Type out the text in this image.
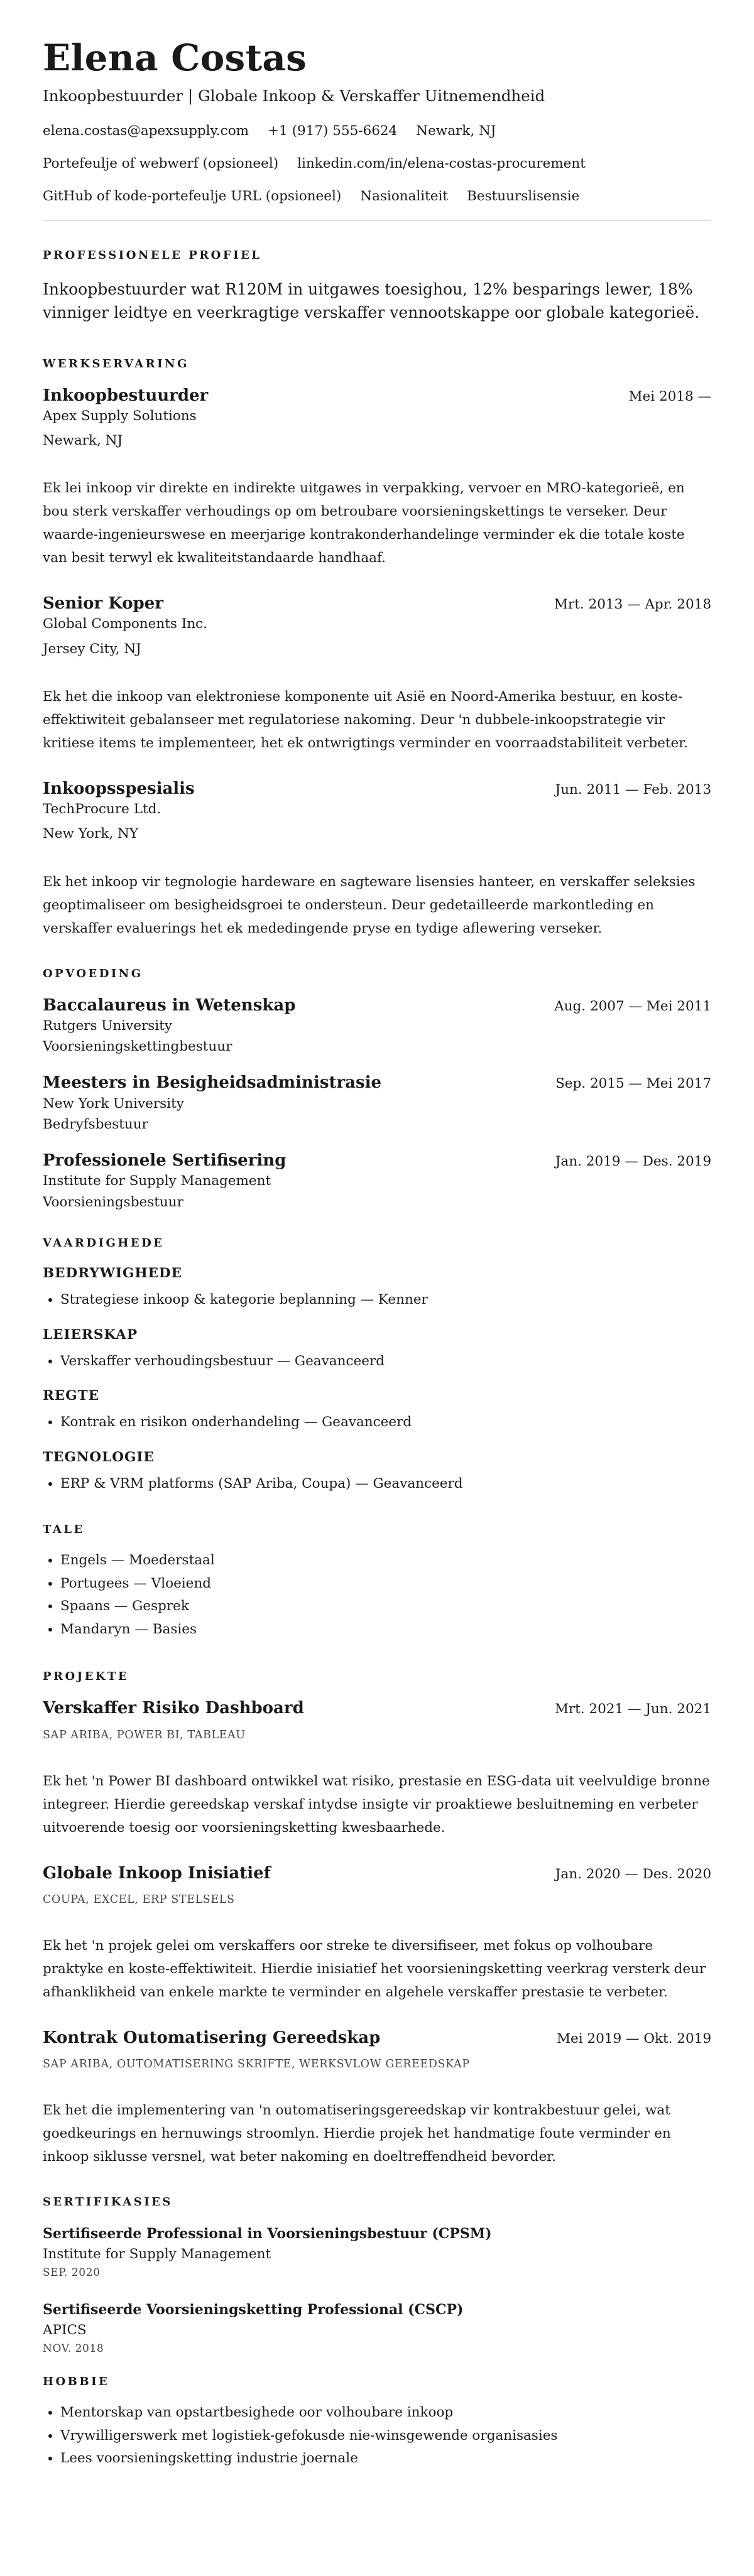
Elena Costas
Inkoopbestuurder | Globale Inkoop & Verskaffer Uitnemendheid
elena.costas@apexsupply.com +1 (917) 555-6624 Newark, NJ
Portefeulje of webwerf (opsioneel) linkedin.com/in/elena-costas-procurement
GitHub of kode-portefeulje URL (opsioneel) Nasionaliteit Bestuurslisensie
PROFESSIONELE PROFIEL

Inkoopbestuurder wat R120M in uitgawes toesighou, 12% besparings lewer, 18% vinniger leidtye en veerkragtige verskaffer vennootskappe oor globale kategorieë.

WERKSERVARING
Inkoopbestuurder	Mei 2018 —
Apex Supply Solutions
Newark, NJ

Ek lei inkoop vir direkte en indirekte uitgawes in verpakking, vervoer en MRO-kategorieë, en bou sterk verskaffer verhoudings op om betroubare voorsieningskettings te verseker. Deur waarde-ingenieurswese en meerjarige kontrakonderhandelinge verminder ek die totale koste van besit terwyl ek kwaliteitstandaarde handhaaf.

Senior Koper	Mrt. 2013 — Apr. 2018
Global Components Inc.
Jersey City, NJ

Ek het die inkoop van elektroniese komponente uit Asië en Noord-Amerika bestuur, en koste-effektiwiteit gebalanseer met regulatoriese nakoming. Deur 'n dubbele-inkoopstrategie vir kritiese items te implementeer, het ek ontwrigtings verminder en voorraadstabiliteit verbeter.

Inkoopsspesialis	Jun. 2011 — Feb. 2013
TechProcure Ltd.
New York, NY

Ek het inkoop vir tegnologie hardeware en sagteware lisensies hanteer, en verskaffer seleksies geoptimaliseer om besigheidsgroei te ondersteun. Deur gedetailleerde markontleding en verskaffer evaluerings het ek mededingende pryse en tydige aflewering verseker.

OPVOEDING
Baccalaureus in Wetenskap	Aug. 2007 — Mei 2011
Rutgers University
Voorsieningskettingbestuur
Meesters in Besigheidsadministrasie	Sep. 2015 — Mei 2017
New York University
Bedryfsbestuur
Professionele Sertifisering	Jan. 2019 — Des. 2019
Institute for Supply Management
Voorsieningsbestuur
VAARDIGHEDE
BEDRYWIGHEDE
• Strategiese inkoop & kategorie beplanning — Kenner
LEIERSKAP
• Verskaffer verhoudingsbestuur — Geavanceerd
REGTE
• Kontrak en risikon onderhandeling — Geavanceerd
TEGNOLOGIE
• ERP & VRM platforms (SAP Ariba, Coupa) — Geavanceerd
TALE
• Engels — Moederstaal
• Portugees — Vloeiend
• Spaans — Gesprek
• Mandaryn — Basies
PROJEKTE
Verskaffer Risiko Dashboard	Mrt. 2021 — Jun. 2021
SAP ARIBA, POWER BI, TABLEAU

Ek het 'n Power BI dashboard ontwikkel wat risiko, prestasie en ESG-data uit veelvuldige bronne integreer. Hierdie gereedskap verskaf intydse insigte vir proaktiewe besluitneming en verbeter uitvoerende toesig oor voorsieningsketting kwesbaarhede.

Globale Inkoop Inisiatief	Jan. 2020 — Des. 2020
COUPA, EXCEL, ERP STELSELS

Ek het 'n projek gelei om verskaffers oor streke te diversifiseer, met fokus op volhoubare praktyke en koste-effektiwiteit. Hierdie inisiatief het voorsieningsketting veerkrag versterk deur afhanklikheid van enkele markte te verminder en algehele verskaffer prestasie te verbeter.

Kontrak Outomatisering Gereedskap	Mei 2019 — Okt. 2019
SAP ARIBA, OUTOMATISERING SKRIFTE, WERKSVLOW GEREEDSKAP

Ek het die implementering van 'n outomatiseringsgereedskap vir kontrakbestuur gelei, wat goedkeurings en hernuwings stroomlyn. Hierdie projek het handmatige foute verminder en inkoop siklusse versnel, wat beter nakoming en doeltreffendheid bevorder.

SERTIFIKASIES
Sertifiseerde Professional in Voorsieningsbestuur (CPSM)
Institute for Supply Management
SEP. 2020
Sertifiseerde Voorsieningsketting Professional (CSCP)
APICS
NOV. 2018
HOBBIE
• Mentorskap van opstartbesighede oor volhoubare inkoop
• Vrywilligerswerk met logistiek-gefokusde nie-winsgewende organisasies
• Lees voorsieningsketting industrie joernale
